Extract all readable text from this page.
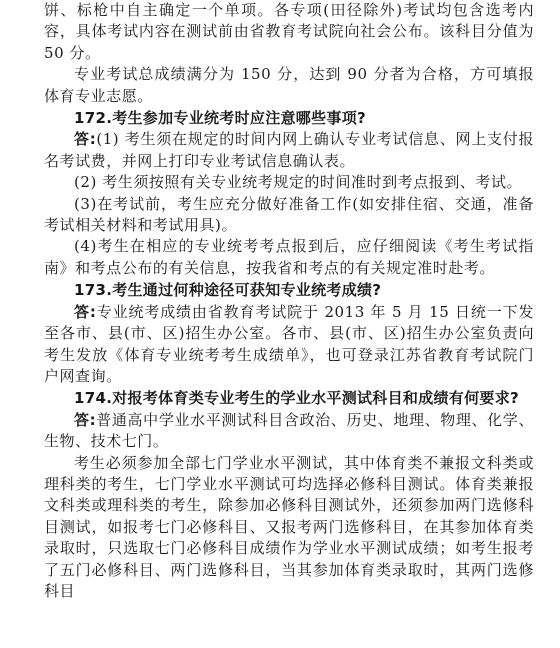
饼、标枪中自主确定一个单项。各专项(田径除外)考试均包含选考内容，具体考试内容在测试前由省教育考试院向社会公布。该科目分值为 50 分。

专业考试总成绩满分为 150 分，达到 90 分者为合格，方可填报体育专业志愿。

172.考生参加专业统考时应注意哪些事项?

答:(1) 考生须在规定的时间内网上确认专业考试信息、网上支付报名考试费，并网上打印专业考试信息确认表。

(2) 考生须按照有关专业统考规定的时间准时到考点报到、考试。

(3)在考试前，考生应充分做好准备工作(如安排住宿、交通，准备考试相关材料和考试用具)。

(4)考生在相应的专业统考考点报到后，应仔细阅读《考生考试指南》和考点公布的有关信息，按我省和考点的有关规定准时赴考。

173.考生通过何种途径可获知专业统考成绩?

答:专业统考成绩由省教育考试院于 2013 年 5 月 15 日统一下发至各市、县(市、区)招生办公室。各市、县(市、区)招生办公室负责向考生发放《体育专业统考考生成绩单》，也可登录江苏省教育考试院门户网查询。

174.对报考体育类专业考生的学业水平测试科目和成绩有何要求?

答:普通高中学业水平测试科目含政治、历史、地理、物理、化学、生物、技术七门。

考生必须参加全部七门学业水平测试，其中体育类不兼报文科类或理科类的考生，七门学业水平测试可均选择必修科目测试。体育类兼报文科类或理科类的考生，除参加必修科目测试外，还须参加两门选修科目测试，如报考七门必修科目、又报考两门选修科目，在其参加体育类录取时，只选取七门必修科目成绩作为学业水平测试成绩；如考生报考了五门必修科目、两门选修科目，当其参加体育类录取时，其两门选修科目
